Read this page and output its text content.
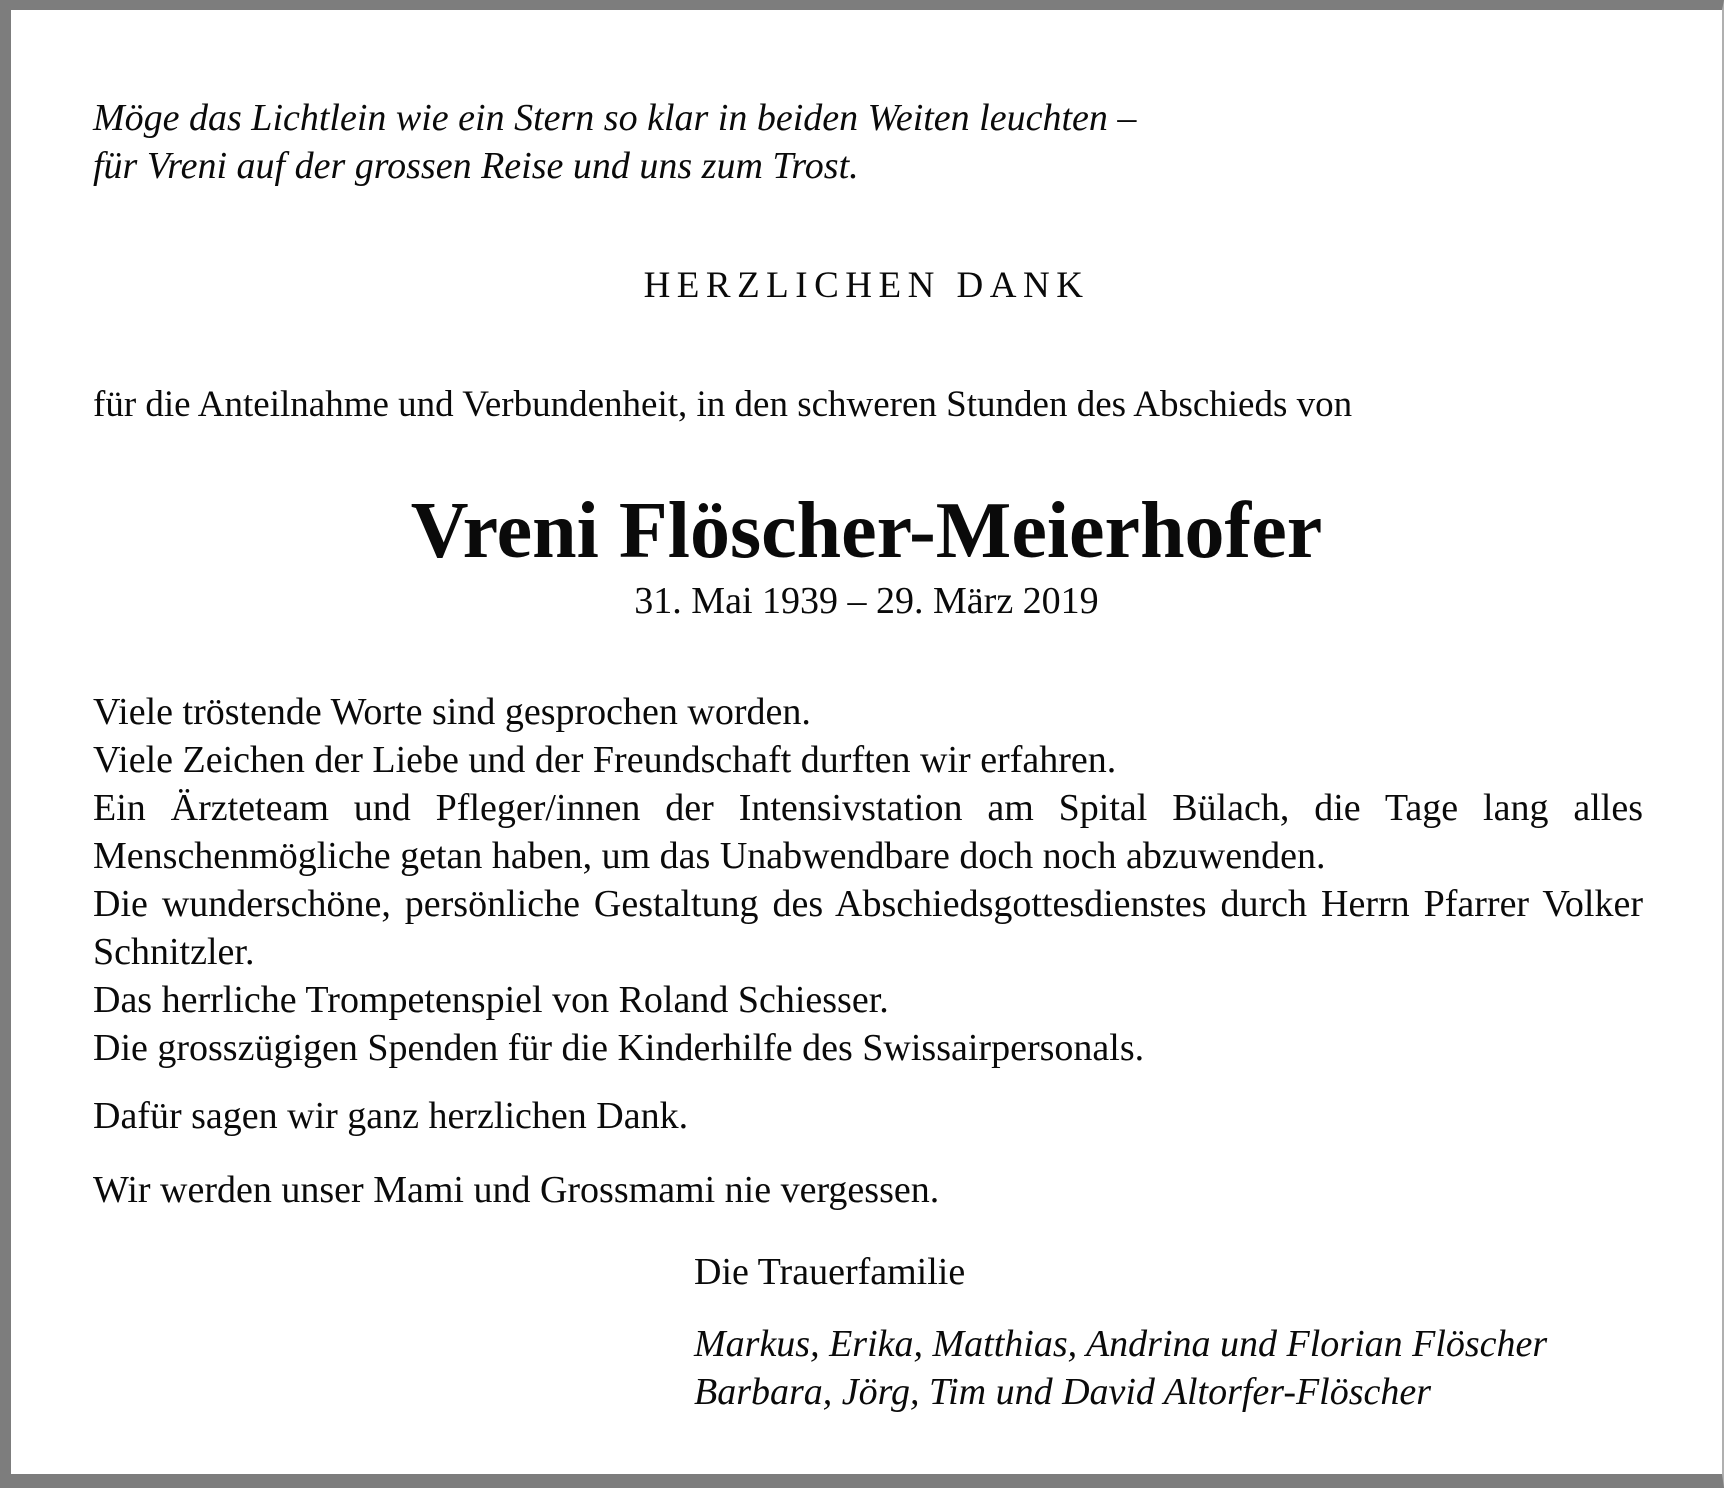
Möge das Lichtlein wie ein Stern so klar in beiden Weiten leuchten –
für Vreni auf der grossen Reise und uns zum Trost.
HERZLICHEN DANK
für die Anteilnahme und Verbundenheit, in den schweren Stunden des Abschieds von
Vreni Flöscher-Meierhofer
31. Mai 1939 – 29. März 2019

Viele tröstende Worte sind gesprochen worden.

Viele Zeichen der Liebe und der Freundschaft durften wir erfahren.

Ein Ärzteteam und Pfleger/innen der Intensivstation am Spital Bülach, die Tage lang alles Menschenmögliche getan haben, um das Unabwendbare doch noch abzuwenden.

Die wunderschöne, persönliche Gestaltung des Abschiedsgottesdienstes durch Herrn Pfarrer Volker Schnitzler.

Das herrliche Trompetenspiel von Roland Schiesser.

Die grosszügigen Spenden für die Kinderhilfe des Swissairpersonals.

Dafür sagen wir ganz herzlichen Dank.
Wir werden unser Mami und Grossmami nie vergessen.
Die Trauerfamilie
Markus, Erika, Matthias, Andrina und Florian Flöscher
Barbara, Jörg, Tim und David Altorfer-Flöscher
